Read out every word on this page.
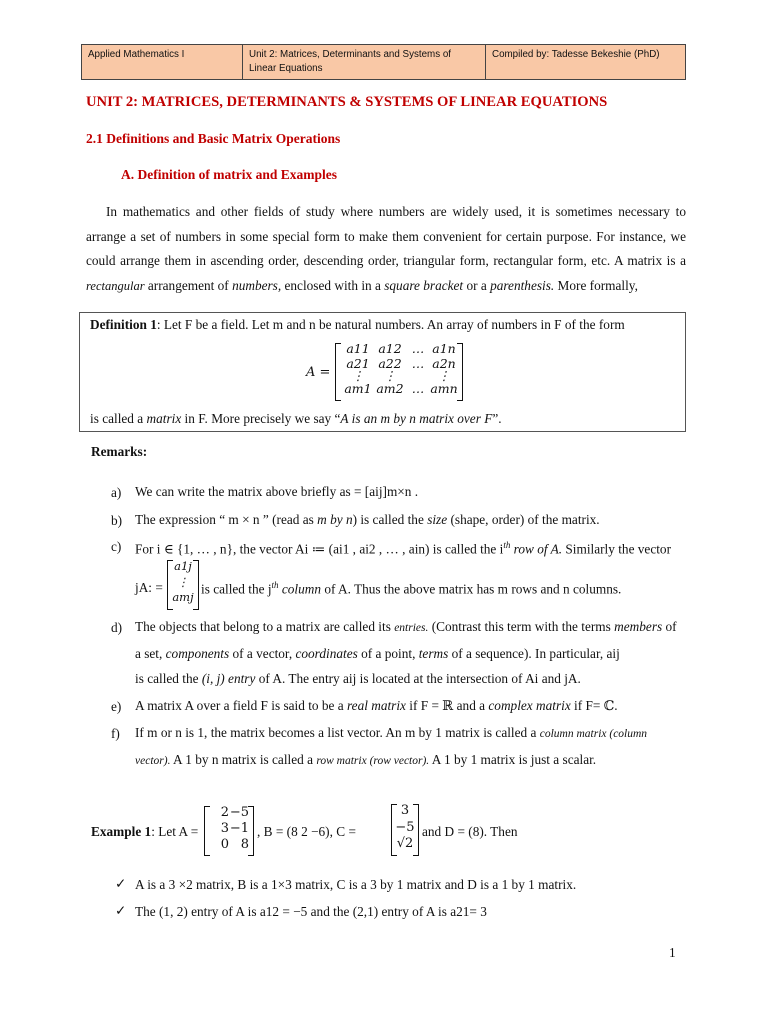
Applied Mathematics I	Unit 2: Matrices, Determinants and Systems of Linear Equations	Compiled by: Tadesse Bekeshie (PhD)
UNIT 2: MATRICES, DETERMINANTS & SYSTEMS OF LINEAR EQUATIONS
2.1 Definitions and Basic Matrix Operations
A. Definition of matrix and Examples
In mathematics and other fields of study where numbers are widely used, it is sometimes necessary to arrange a set of numbers in some special form to make them convenient for certain purpose. For instance, we could arrange them in ascending order, descending order, triangular form, rectangular form, etc. A matrix is a rectangular arrangement of numbers, enclosed with in a square bracket or a parenthesis. More formally,
Definition 1: Let F be a field. Let m and n be natural numbers. An array of numbers in F of the form
A =
a11 a12 … a1n
a21 a22 … a2n
⋮	⋮	⋮
am1 am2 … amn
is called a matrix in F. More precisely we say “A is an m by n matrix over F”.
Remarks:
a) We can write the matrix above briefly as = [aij]m×n .
b) The expression “ m × n ” (read as m by n) is called the size (shape, order) of the matrix.
c) For i ∈ {1, … , n}, the vector Ai ≔ (ai1 , ai2 , … , ain) is called the $i^{th}$ row of A. Similarly the vector
jA: =
a1j
⋮
amj
is called the $j^{th}$ column of A. Thus the above matrix has m rows and n columns.
d) The objects that belong to a matrix are called its entries. (Contrast this term with the terms members of
a set, components of a vector, coordinates of a point, terms of a sequence). In particular, aij
is called the (i, j) entry of A. The entry aij is located at the intersection of Ai and jA.
e) A matrix A over a field F is said to be a real matrix if F = ℝ and a complex matrix if F= ℂ.
f) If m or n is 1, the matrix becomes a list vector. An m by 1 matrix is called a column matrix (column
vector). A 1 by n matrix is called a row matrix (row vector). A 1 by 1 matrix is just a scalar.
Example 1: Let A =
2 −5
3 −1
0 8
, B = (8 2 −6), C =
3
−5
√2
and D = (8). Then
✓ A is a 3 ×2 matrix, B is a 1×3 matrix, C is a 3 by 1 matrix and D is a 1 by 1 matrix.
✓ The (1, 2) entry of A is a12 = −5 and the (2,1) entry of A is a21= 3
1
